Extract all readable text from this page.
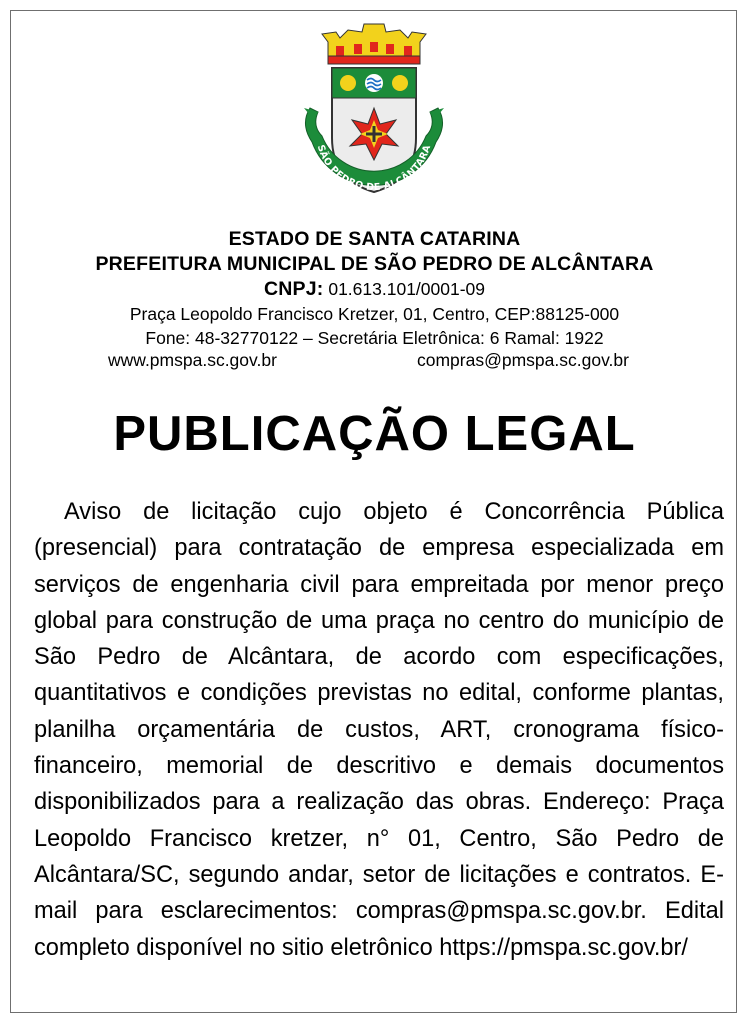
SÃO PEDRO DE ALCÂNTARA
ESTADO DE SANTA CATARINA
PREFEITURA MUNICIPAL DE SÃO PEDRO DE ALCÂNTARA
CNPJ: 01.613.101/0001-09
Praça Leopoldo Francisco Kretzer, 01, Centro, CEP:88125-000
Fone: 48-32770122 – Secretária Eletrônica: 6 Ramal: 1922
www.pmspa.sc.gov.br	compras@pmspa.sc.gov.br
PUBLICAÇÃO LEGAL
Aviso de licitação cujo objeto é Concorrência Pública (presencial) para contratação de empresa especializada em serviços de engenharia civil para empreitada por menor preço global para construção de uma praça no centro do município de São Pedro de Alcântara, de acordo com especificações, quantitativos e condições previstas no edital, conforme plantas, planilha orçamentária de custos, ART, cronograma físico-financeiro, memorial de descritivo e demais documentos disponibilizados para a realização das obras. Endereço: Praça Leopoldo Francisco kretzer, n° 01, Centro, São Pedro de Alcântara/SC, segundo andar, setor de licitações e contratos. E-mail para esclarecimentos: compras@pmspa.sc.gov.br. Edital completo disponível no sitio eletrônico https://pmspa.sc.gov.br/
